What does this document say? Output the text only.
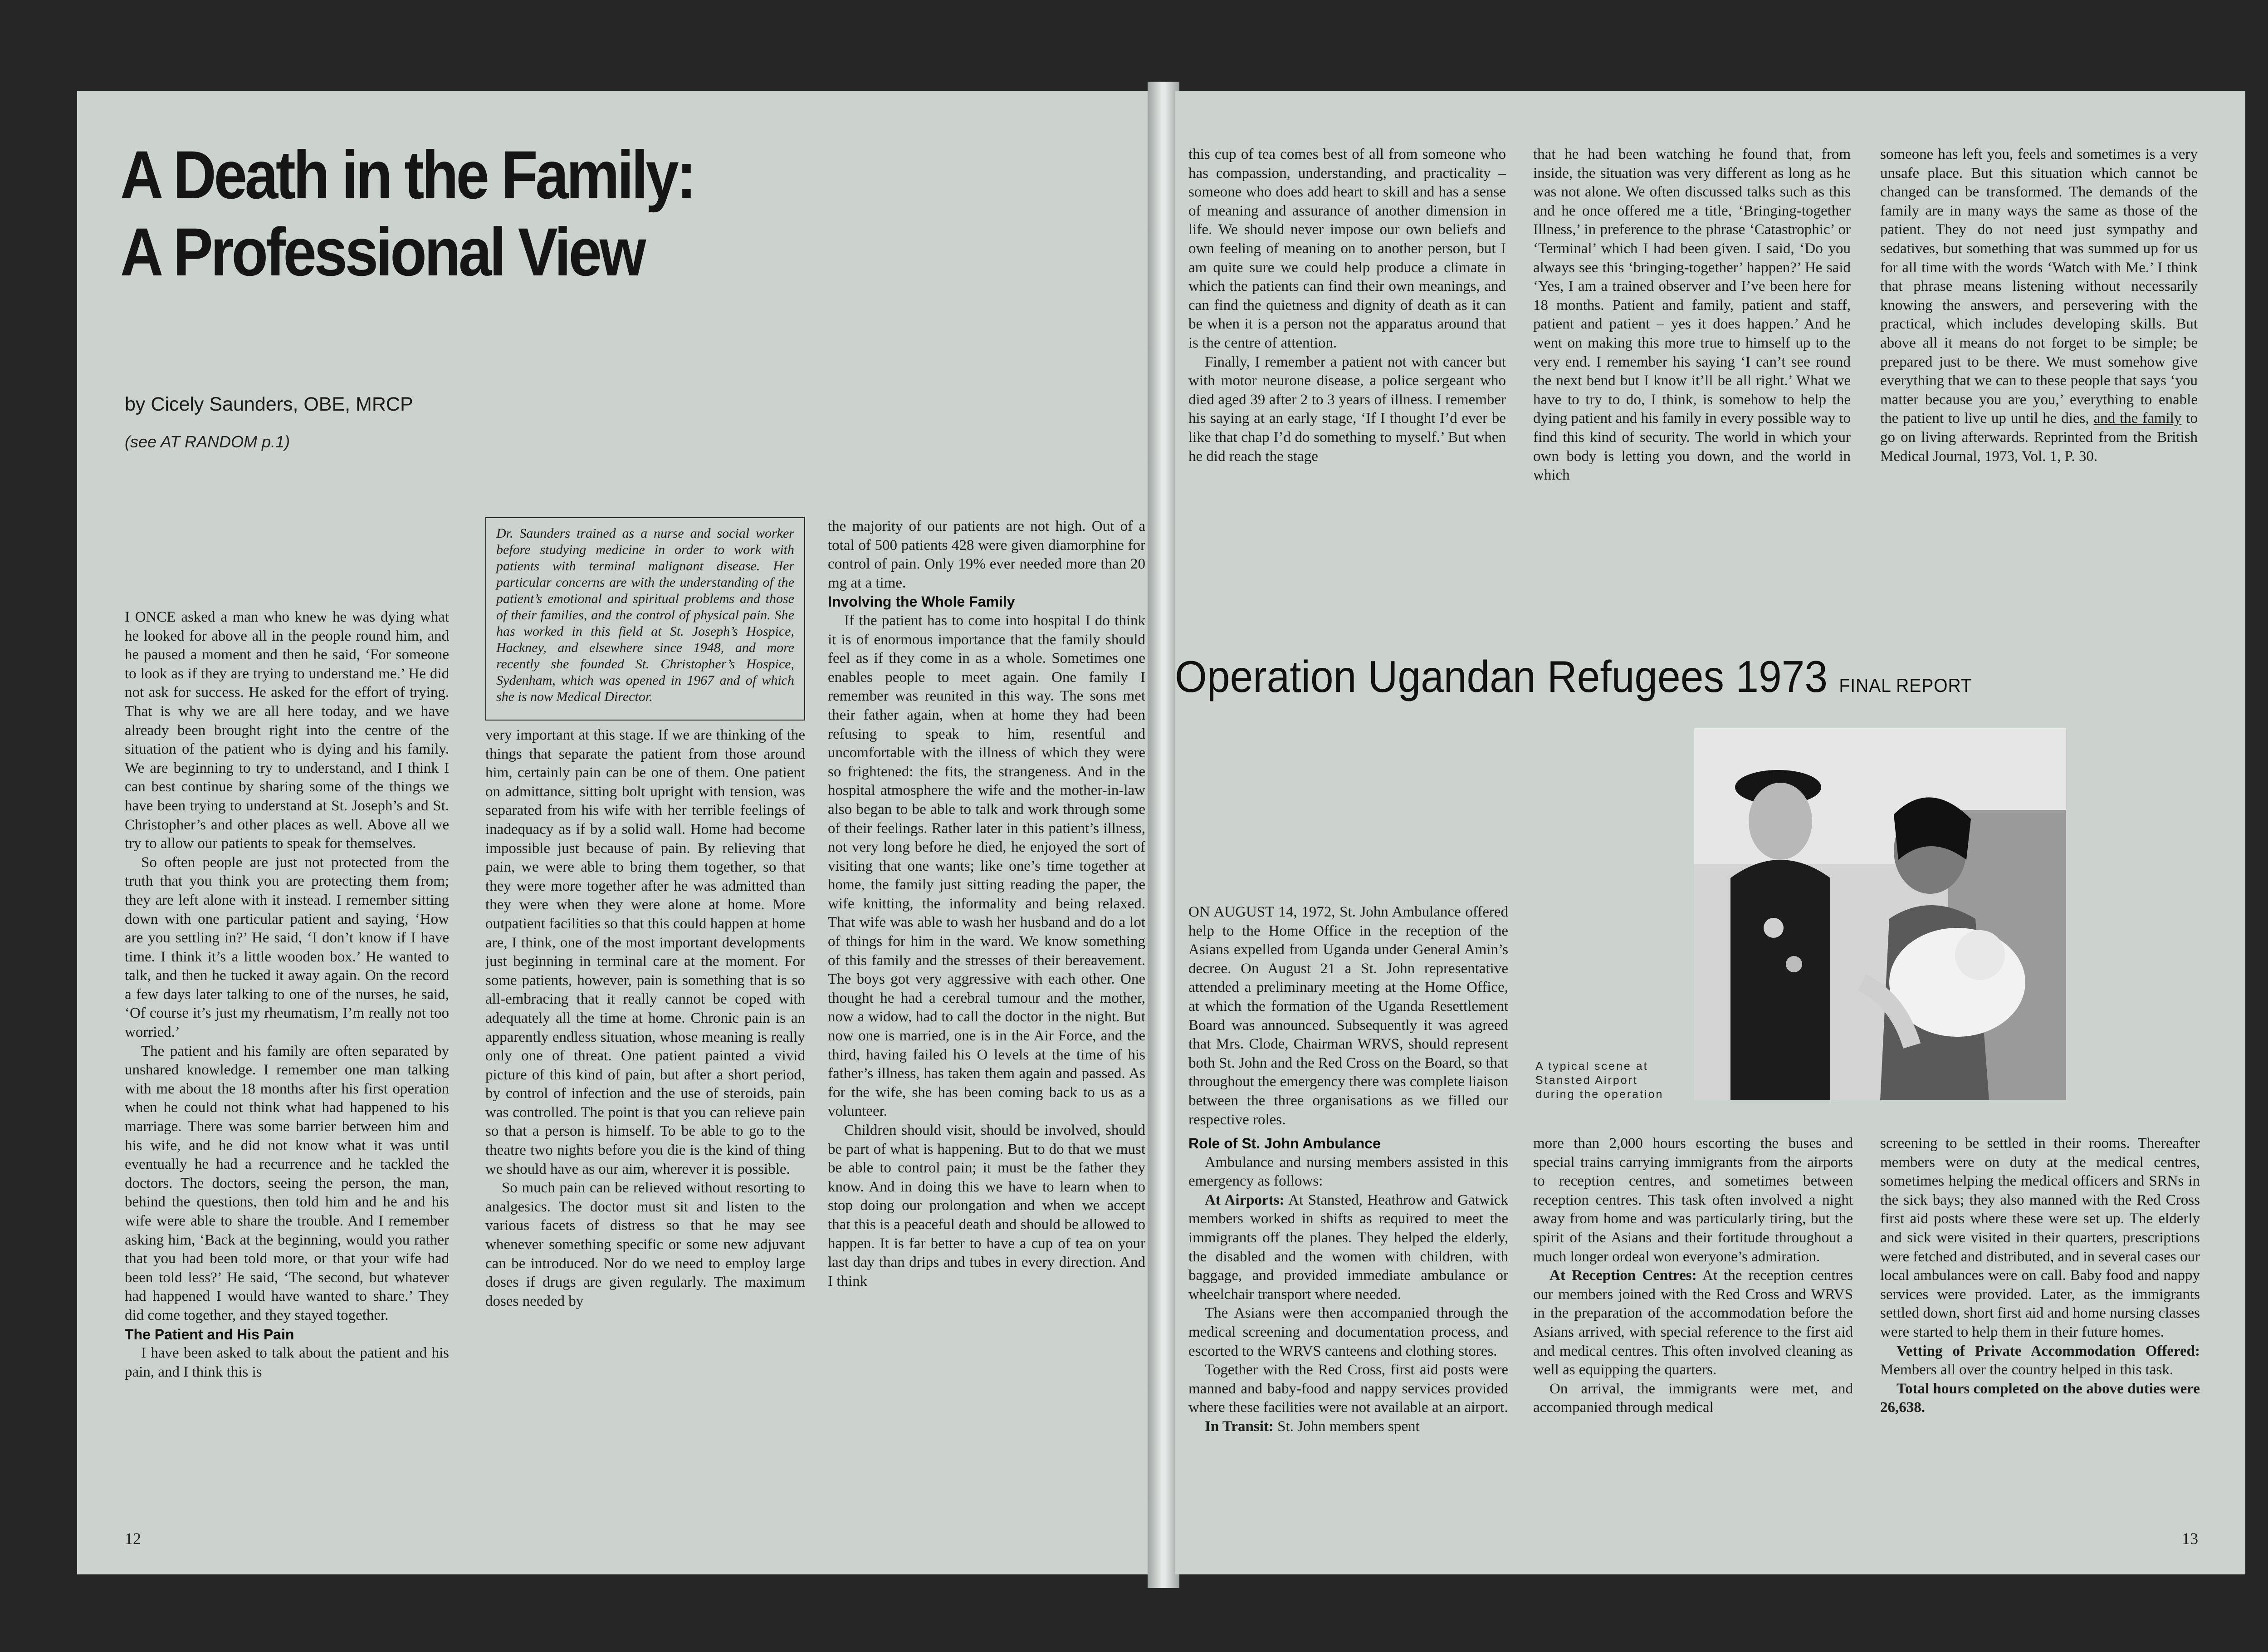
A Death in the Family:
A Professional View
by Cicely Saunders, OBE, MRCP
(see AT RANDOM p.1)

I ONCE asked a man who knew he was dying what he looked for above all in the people round him, and he paused a moment and then he said, ‘For someone to look as if they are trying to understand me.’ He did not ask for success. He asked for the effort of trying. That is why we are all here today, and we have already been brought right into the centre of the situation of the patient who is dying and his family. We are beginning to try to understand, and I think I can best continue by sharing some of the things we have been trying to understand at St. Joseph’s and St. Christopher’s and other places as well. Above all we try to allow our patients to speak for themselves.

So often people are just not protected from the truth that you think you are protecting them from; they are left alone with it instead. I remember sitting down with one particular patient and saying, ‘How are you settling in?’ He said, ‘I don’t know if I have time. I think it’s a little wooden box.’ He wanted to talk, and then he tucked it away again. On the record a few days later talking to one of the nurses, he said, ‘Of course it’s just my rheumatism, I’m really not too worried.’

The patient and his family are often separated by unshared knowledge. I remember one man talking with me about the 18 months after his first operation when he could not think what had happened to his marriage. There was some barrier between him and his wife, and he did not know what it was until eventually he had a recurrence and he tackled the doctors. The doctors, seeing the person, the man, behind the questions, then told him and he and his wife were able to share the trouble. And I remember asking him, ‘Back at the beginning, would you rather that you had been told more, or that your wife had been told less?’ He said, ‘The second, but whatever had happened I would have wanted to share.’ They did come together, and they stayed together.

The Patient and His Pain

I have been asked to talk about the patient and his pain, and I think this is

Dr. Saunders trained as a nurse and social worker before studying medicine in order to work with patients with terminal malignant disease. Her particular concerns are with the understanding of the patient’s emotional and spiritual problems and those of their families, and the control of physical pain. She has worked in this field at St. Joseph’s Hospice, Hackney, and elsewhere since 1948, and more recently she founded St. Christopher’s Hospice, Sydenham, which was opened in 1967 and of which she is now Medical Director.

very important at this stage. If we are thinking of the things that separate the patient from those around him, certainly pain can be one of them. One patient on admittance, sitting bolt upright with tension, was separated from his wife with her terrible feelings of inadequacy as if by a solid wall. Home had become impossible just because of pain. By relieving that pain, we were able to bring them together, so that they were more together after he was admitted than they were when they were alone at home. More outpatient facilities so that this could happen at home are, I think, one of the most important developments just beginning in terminal care at the moment. For some patients, however, pain is something that is so all-embracing that it really cannot be coped with adequately all the time at home. Chronic pain is an apparently endless situation, whose meaning is really only one of threat. One patient painted a vivid picture of this kind of pain, but after a short period, by control of infection and the use of steroids, pain was controlled. The point is that you can relieve pain so that a person is himself. To be able to go to the theatre two nights before you die is the kind of thing we should have as our aim, wherever it is possible.

So much pain can be relieved without resorting to analgesics. The doctor must sit and listen to the various facets of distress so that he may see whenever something specific or some new adjuvant can be introduced. Nor do we need to employ large doses if drugs are given regularly. The maximum doses needed by

the majority of our patients are not high. Out of a total of 500 patients 428 were given diamorphine for control of pain. Only 19% ever needed more than 20 mg at a time.

Involving the Whole Family

If the patient has to come into hospital I do think it is of enormous importance that the family should feel as if they come in as a whole. Sometimes one enables people to meet again. One family I remember was reunited in this way. The sons met their father again, when at home they had been refusing to speak to him, resentful and uncomfortable with the illness of which they were so frightened: the fits, the strangeness. And in the hospital atmosphere the wife and the mother-in-law also began to be able to talk and work through some of their feelings. Rather later in this patient’s illness, not very long before he died, he enjoyed the sort of visiting that one wants; like one’s time together at home, the family just sitting reading the paper, the wife knitting, the informality and being relaxed. That wife was able to wash her husband and do a lot of things for him in the ward. We know something of this family and the stresses of their bereavement. The boys got very aggressive with each other. One thought he had a cerebral tumour and the mother, now a widow, had to call the doctor in the night. But now one is married, one is in the Air Force, and the third, having failed his O levels at the time of his father’s illness, has taken them again and passed. As for the wife, she has been coming back to us as a volunteer.

Children should visit, should be involved, should be part of what is happening. But to do that we must be able to control pain; it must be the father they know. And in doing this we have to learn when to stop doing our prolongation and when we accept that this is a peaceful death and should be allowed to happen. It is far better to have a cup of tea on your last day than drips and tubes in every direction. And I think

12

this cup of tea comes best of all from someone who has compassion, understanding, and practicality – someone who does add heart to skill and has a sense of meaning and assurance of another dimension in life. We should never impose our own beliefs and own feeling of meaning on to another person, but I am quite sure we could help produce a climate in which the patients can find their own meanings, and can find the quietness and dignity of death as it can be when it is a person not the apparatus around that is the centre of attention.

Finally, I remember a patient not with cancer but with motor neurone disease, a police sergeant who died aged 39 after 2 to 3 years of illness. I remember his saying at an early stage, ‘If I thought I’d ever be like that chap I’d do something to myself.’ But when he did reach the stage

that he had been watching he found that, from inside, the situation was very different as long as he was not alone. We often discussed talks such as this and he once offered me a title, ‘Bringing-together Illness,’ in preference to the phrase ‘Catastrophic’ or ‘Terminal’ which I had been given. I said, ‘Do you always see this ‘bringing-together’ happen?’ He said ‘Yes, I am a trained observer and I’ve been here for 18 months. Patient and family, patient and staff, patient and patient – yes it does happen.’ And he went on making this more true to himself up to the very end. I remember his saying ‘I can’t see round the next bend but I know it’ll be all right.’ What we have to try to do, I think, is somehow to help the dying patient and his family in every possible way to find this kind of security. The world in which your own body is letting you down, and the world in which

someone has left you, feels and sometimes is a very unsafe place. But this situation which cannot be changed can be transformed. The demands of the family are in many ways the same as those of the patient. They do not need just sympathy and sedatives, but something that was summed up for us for all time with the words ‘Watch with Me.’ I think that phrase means listening without necessarily knowing the answers, and persevering with the practical, which includes developing skills. But above all it means do not forget to be simple; be prepared just to be there. We must somehow give everything that we can to these people that says ‘you matter because you are you,’ everything to enable the patient to live up until he dies, and the family to go on living afterwards. Reprinted from the British Medical Journal, 1973, Vol. 1, P. 30.

Operation Ugandan Refugees 1973 FINAL REPORT

ON AUGUST 14, 1972, St. John Ambulance offered help to the Home Office in the reception of the Asians expelled from Uganda under General Amin’s decree. On August 21 a St. John representative attended a preliminary meeting at the Home Office, at which the formation of the Uganda Resettlement Board was announced. Subsequently it was agreed that Mrs. Clode, Chairman WRVS, should represent both St. John and the Red Cross on the Board, so that throughout the emergency there was complete liaison between the three organisations as we filled our respective roles.

A typical scene at Stansted Airport during the operation

Role of St. John Ambulance

Ambulance and nursing members assisted in this emergency as follows:

At Airports: At Stansted, Heathrow and Gatwick members worked in shifts as required to meet the immigrants off the planes. They helped the elderly, the disabled and the women with children, with baggage, and provided immediate ambulance or wheelchair transport where needed.

The Asians were then accompanied through the medical screening and documentation process, and escorted to the WRVS canteens and clothing stores.

Together with the Red Cross, first aid posts were manned and baby-food and nappy services provided where these facilities were not available at an airport.

In Transit: St. John members spent

more than 2,000 hours escorting the buses and special trains carrying immigrants from the airports to reception centres, and sometimes between reception centres. This task often involved a night away from home and was particularly tiring, but the spirit of the Asians and their fortitude throughout a much longer ordeal won everyone’s admiration.

At Reception Centres: At the reception centres our members joined with the Red Cross and WRVS in the preparation of the accommodation before the Asians arrived, with special reference to the first aid and medical centres. This often involved cleaning as well as equipping the quarters.

On arrival, the immigrants were met, and accompanied through medical

screening to be settled in their rooms. Thereafter members were on duty at the medical centres, sometimes helping the medical officers and SRNs in the sick bays; they also manned with the Red Cross first aid posts where these were set up. The elderly and sick were visited in their quarters, prescriptions were fetched and distributed, and in several cases our local ambulances were on call. Baby food and nappy services were provided. Later, as the immigrants settled down, short first aid and home nursing classes were started to help them in their future homes.

Vetting of Private Accommodation Offered: Members all over the country helped in this task.

Total hours completed on the above duties were 26,638.

13
